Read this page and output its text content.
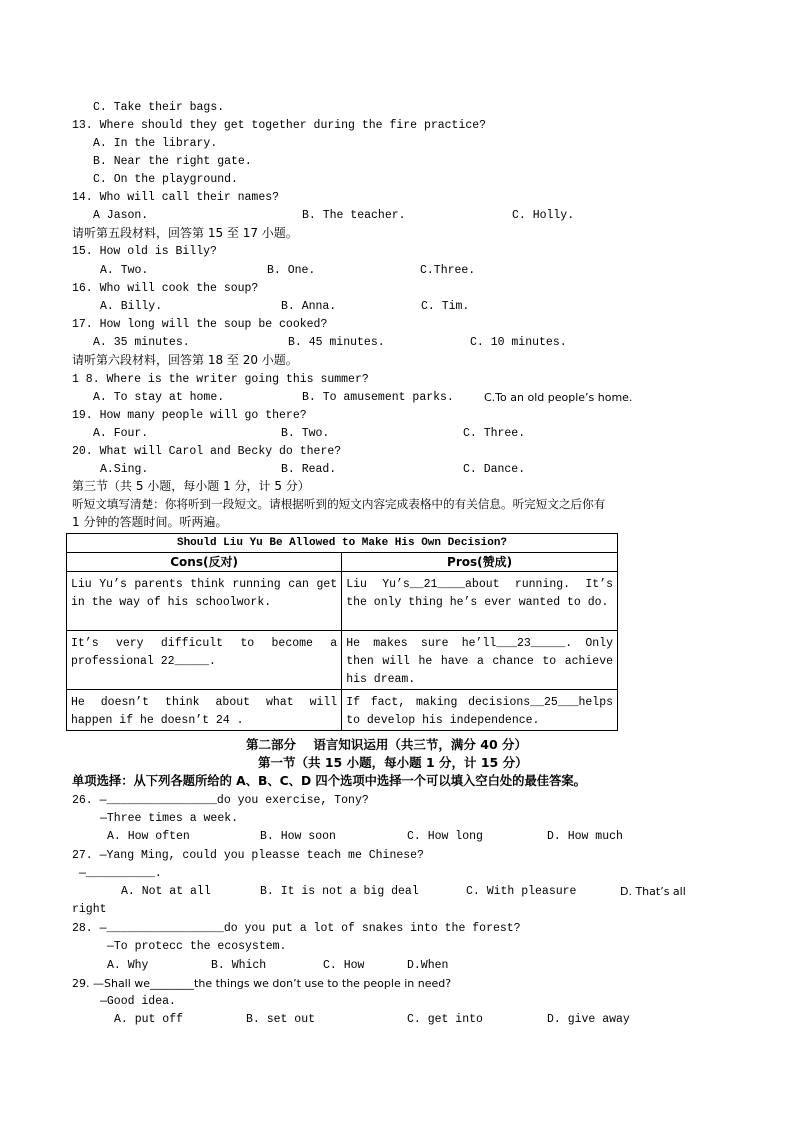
C. Take their bags.
13. Where should they get together during the fire practice?
A. In the library.
B. Near the right gate.
C. On the playground.
14. Who will call their names?
A Jason.	B. The teacher.	C. Holly.
请听第五段材料，回答第 15 至 17 小题。
15. How old is Billy?
A. Two.	B. One.	C.Three.
16. Who will cook the soup?
A. Billy.	B. Anna.	C. Tim.
17. How long will the soup be cooked?
A. 35 minutes.	B. 45 minutes.	C. 10 minutes.
请听第六段材料，回答第 18 至 20 小题。
1 8. Where is the writer going this summer?
A. To stay at home.	B. To amusement parks.	C.To an old people’s home.
19. How many people will go there?
A. Four.	B. Two.	C. Three.
20. What will Carol and Becky do there?
A.Sing.	B. Read.	C. Dance.
第三节（共 5 小题，每小题 1 分，计 5 分）
听短文填写清楚：你将听到一段短文。请根据听到的短文内容完成表格中的有关信息。听完短文之后你有
1 分钟的答题时间。听两遍。
Should Liu Yu Be Allowed to Make His Own Decision?	
Cons(反对)	Pros(赞成)
Liu Yu’s parents think running can get in the way of his schoolwork.	Liu Yu’s__21____about running. It’s the only thing he’s ever wanted to do.
It’s very difficult to become a professional 22_____.	He makes sure he’ll___23_____. Only then will he have a chance to achieve his dream.
He doesn’t think about what will happen if he doesn’t 24 .	If fact, making decisions__25___helps to develop his independence.
第二部分    语言知识运用（共三节，满分 40 分）
第一节（共 15 小题，每小题 1 分，计 15 分）
单项选择：从下列各题所给的 A、B、C、D 四个选项中选择一个可以填入空白处的最佳答案。
26. —________________do you exercise, Tony?
—Three times a week.
A. How often	B. How soon	C. How long	D. How much
27. —Yang Ming, could you pleasse teach me Chinese?
—__________.
A. Not at all	B. It is not a big deal	C. With pleasure	D. That’s all
right
28. —_________________do you put a lot of snakes into the forest?
—To protecc the ecosystem.
A. Why	B. Which	C. How	D.When
29. —Shall we________the things we don’t use to the people in need?
—Good idea.
A. put off	B. set out	C. get into	D. give away
